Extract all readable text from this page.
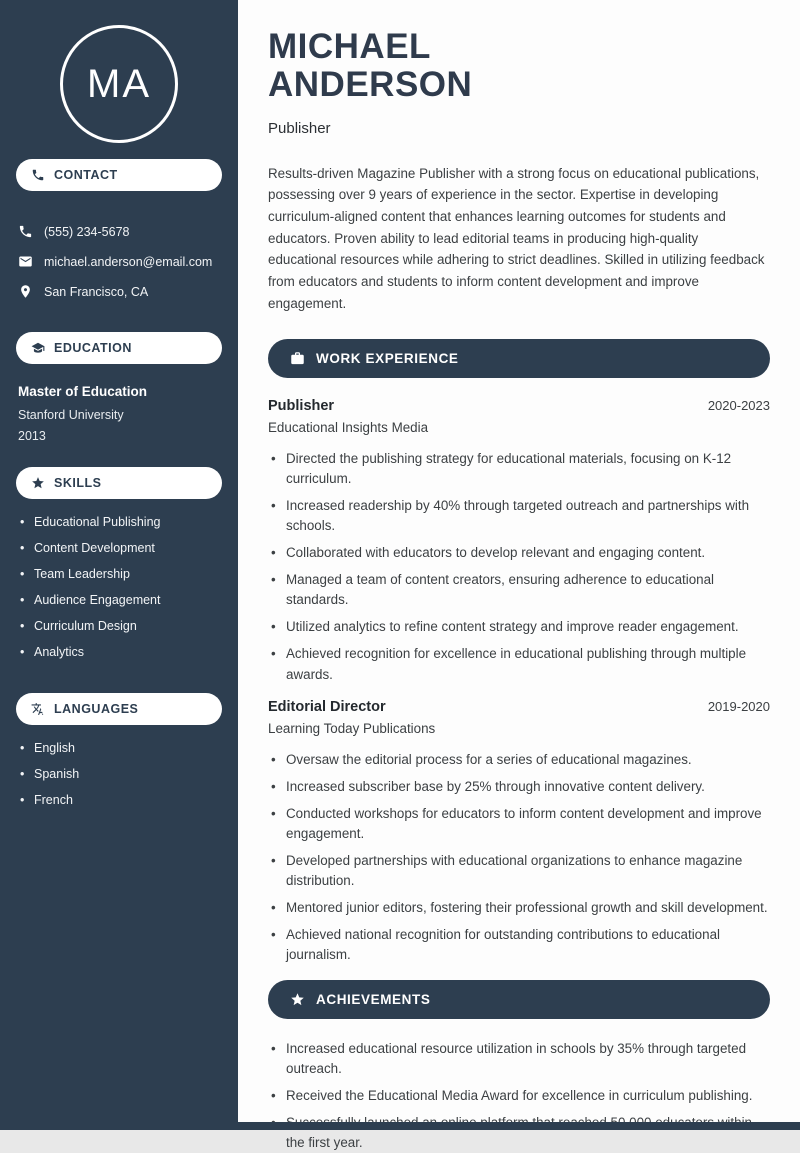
MA
CONTACT
(555) 234-5678
michael.anderson@email.com
San Francisco, CA
EDUCATION
Master of Education
Stanford University
2013
SKILLS
• Educational Publishing
• Content Development
• Team Leadership
• Audience Engagement
• Curriculum Design
• Analytics
LANGUAGES
• English
• Spanish
• French
MICHAEL
ANDERSON
Publisher

Results-driven Magazine Publisher with a strong focus on educational publications, possessing over 9 years of experience in the sector. Expertise in developing curriculum-aligned content that enhances learning outcomes for students and educators. Proven ability to lead editorial teams in producing high-quality educational resources while adhering to strict deadlines. Skilled in utilizing feedback from educators and students to inform content development and improve engagement.

WORK EXPERIENCE
Publisher	2020-2023
Educational Insights Media
• Directed the publishing strategy for educational materials, focusing on K-12 curriculum.
• Increased readership by 40% through targeted outreach and partnerships with schools.
• Collaborated with educators to develop relevant and engaging content.
• Managed a team of content creators, ensuring adherence to educational standards.
• Utilized analytics to refine content strategy and improve reader engagement.
• Achieved recognition for excellence in educational publishing through multiple awards.
Editorial Director	2019-2020
Learning Today Publications
• Oversaw the editorial process for a series of educational magazines.
• Increased subscriber base by 25% through innovative content delivery.
• Conducted workshops for educators to inform content development and improve engagement.
• Developed partnerships with educational organizations to enhance magazine distribution.
• Mentored junior editors, fostering their professional growth and skill development.
• Achieved national recognition for outstanding contributions to educational journalism.
ACHIEVEMENTS
• Increased educational resource utilization in schools by 35% through targeted outreach.
• Received the Educational Media Award for excellence in curriculum publishing.
• the first year.
